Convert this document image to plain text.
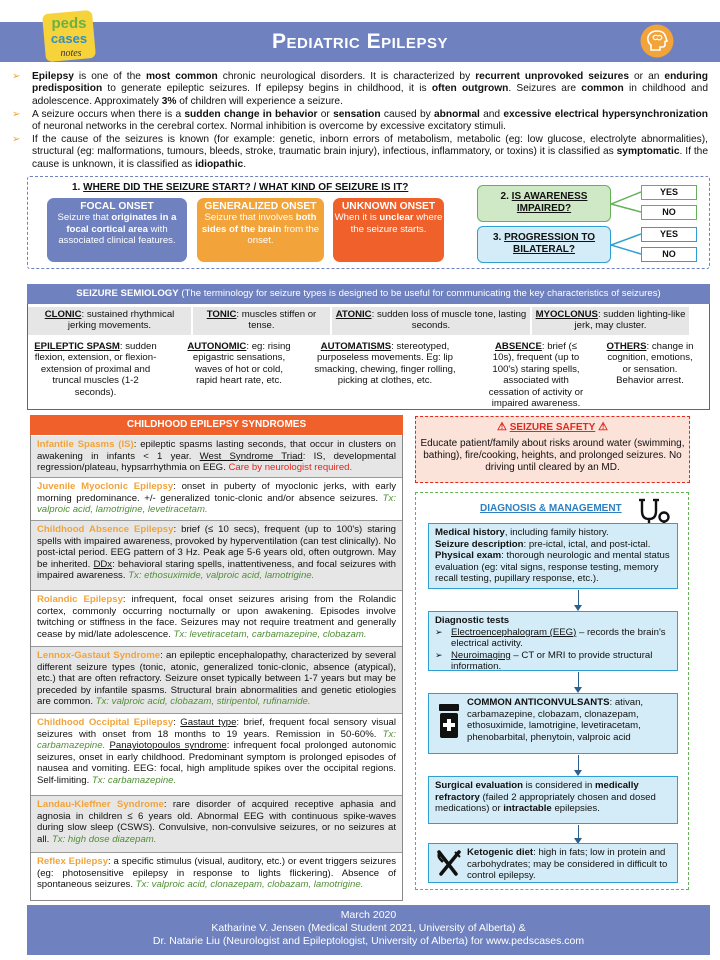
Pediatric Epilepsy
peds
cases
notes
➢ Epilepsy is one of the most common chronic neurological disorders. It is characterized by recurrent unprovoked seizures or an enduring predisposition to generate epileptic seizures. If epilepsy begins in childhood, it is often outgrown. Seizures are common in childhood and adolescence. Approximately 3% of children will experience a seizure.
➢ A seizure occurs when there is a sudden change in behavior or sensation caused by abnormal and excessive electrical hypersynchronization of neuronal networks in the cerebral cortex. Normal inhibition is overcome by excessive excitatory stimuli.
➢ If the cause of the seizures is known (for example: genetic, inborn errors of metabolism, metabolic (eg: low glucose, electrolyte abnormalities), structural (eg: malformations, tumours, bleeds, stroke, traumatic brain injury), infectious, inflammatory, or toxins) it is classified as symptomatic. If the cause is unknown, it is classified as idiopathic.
1. WHERE DID THE SEIZURE START? / WHAT KIND OF SEIZURE IS IT?
FOCAL ONSET
Seizure that originates in a focal cortical area with associated clinical features.
GENERALIZED ONSET
Seizure that involves both sides of the brain from the onset.
UNKNOWN ONSET
When it is unclear where the seizure starts.
2. IS AWARENESS IMPAIRED?
3. PROGRESSION TO BILATERAL?
YES
NO
YES
NO
SEIZURE SEMIOLOGY (The terminology for seizure types is designed to be useful for communicating the key characteristics of seizures)
CLONIC: sustained rhythmical jerking movements.
TONIC: muscles stiffen or tense.
ATONIC: sudden loss of muscle tone, lasting seconds.
MYOCLONUS: sudden lighting-like jerk, may cluster.
EPILEPTIC SPASM: sudden flexion, extension, or flexion-extension of proximal and truncal muscles (1-2 seconds).
AUTONOMIC: eg: rising epigastric sensations, waves of hot or cold, rapid heart rate, etc.
AUTOMATISMS: stereotyped, purposeless movements. Eg: lip smacking, chewing, finger rolling, picking at clothes, etc.
ABSENCE: brief (≤ 10s), frequent (up to 100's) staring spells, associated with cessation of activity or impaired awareness.
OTHERS: change in cognition, emotions, or sensation. Behavior arrest.
CHILDHOOD EPILEPSY SYNDROMES
Infantile Spasms (IS): epileptic spasms lasting seconds, that occur in clusters on awakening in infants < 1 year. West Syndrome Triad: IS, developmental regression/plateau, hypsarrhythmia on EEG. Care by neurologist required.
Juvenile Myoclonic Epilepsy: onset in puberty of myoclonic jerks, with early morning predominance. +/- generalized tonic-clonic and/or absence seizures. Tx: valproic acid, lamotrigine, levetiracetam.
Childhood Absence Epilepsy: brief (≤ 10 secs), frequent (up to 100's) staring spells with impaired awareness, provoked by hyperventilation (can test clinically). No post-ictal period. EEG pattern of 3 Hz. Peak age 5-6 years old, often outgrown. May be inherited. DDx: behavioral staring spells, inattentiveness, and focal seizures with impaired awareness. Tx: ethosuximide, valproic acid, lamotrigine.
Rolandic Epilepsy: infrequent, focal onset seizures arising from the Rolandic cortex, commonly occurring nocturnally or upon awakening. Episodes involve twitching or stiffness in the face. Seizures may not require treatment and generally cease by mid/late adolescence. Tx: levetiracetam, carbamazepine, clobazam.
Lennox-Gastaut Syndrome: an epileptic encephalopathy, characterized by several different seizure types (tonic, atonic, generalized tonic-clonic, absence (atypical), etc.) that are often refractory. Seizure onset typically between 1-7 years but may be preceded by infantile spasms. Structural brain abnormalities and genetic etiologies are common. Tx: valproic acid, clobazam, stiripentol, rufinamide.
Childhood Occipital Epilepsy: Gastaut type: brief, frequent focal sensory visual seizures with onset from 18 months to 19 years. Remission in 50-60%. Tx: carbamazepine. Panayiotopoulos syndrome: infrequent focal prolonged autonomic seizures, onset in early childhood. Predominant symptom is prolonged episodes of nausea and vomiting. EEG: focal, high amplitude spikes over the occipital regions. Self-limiting. Tx: carbamazepine.
Landau-Kleffner Syndrome: rare disorder of acquired receptive aphasia and agnosia in children ≤ 6 years old. Abnormal EEG with continuous spike-waves during slow sleep (CSWS). Convulsive, non-convulsive seizures, or no seizures at all. Tx: high dose diazepam.
Reflex Epilepsy: a specific stimulus (visual, auditory, etc.) or event triggers seizures (eg: photosensitive epilepsy in response to lights flickering). Absence of spontaneous seizures. Tx: valproic acid, clonazepam, clobazam, lamotrigine.
⚠ SEIZURE SAFETY ⚠
Educate patient/family about risks around water (swimming, bathing), fire/cooking, heights, and prolonged seizures. No driving until cleared by an MD.
DIAGNOSIS & MANAGEMENT
Medical history, including family history.
Seizure description: pre-ictal, ictal, and post-ictal.
Physical exam: thorough neurologic and mental status evaluation (eg: vital signs, response testing, memory recall testing, pupillary response, etc.).
Diagnostic tests
➢ Electroencephalogram (EEG) – records the brain's electrical activity.
➢ Neuroimaging – CT or MRI to provide structural information.
COMMON ANTICONVULSANTS: ativan, carbamazepine, clobazam, clonazepam, ethosuximide, lamotrigine, levetiracetam, phenobarbital, phenytoin, valproic acid
Surgical evaluation is considered in medically refractory (failed 2 appropriately chosen and dosed medications) or intractable epilepsies.
Ketogenic diet: high in fats; low in protein and carbohydrates; may be considered in difficult to control epilepsy.
March 2020
Katharine V. Jensen (Medical Student 2021, University of Alberta) &
Dr. Natarie Liu (Neurologist and Epileptologist, University of Alberta) for www.pedscases.com
